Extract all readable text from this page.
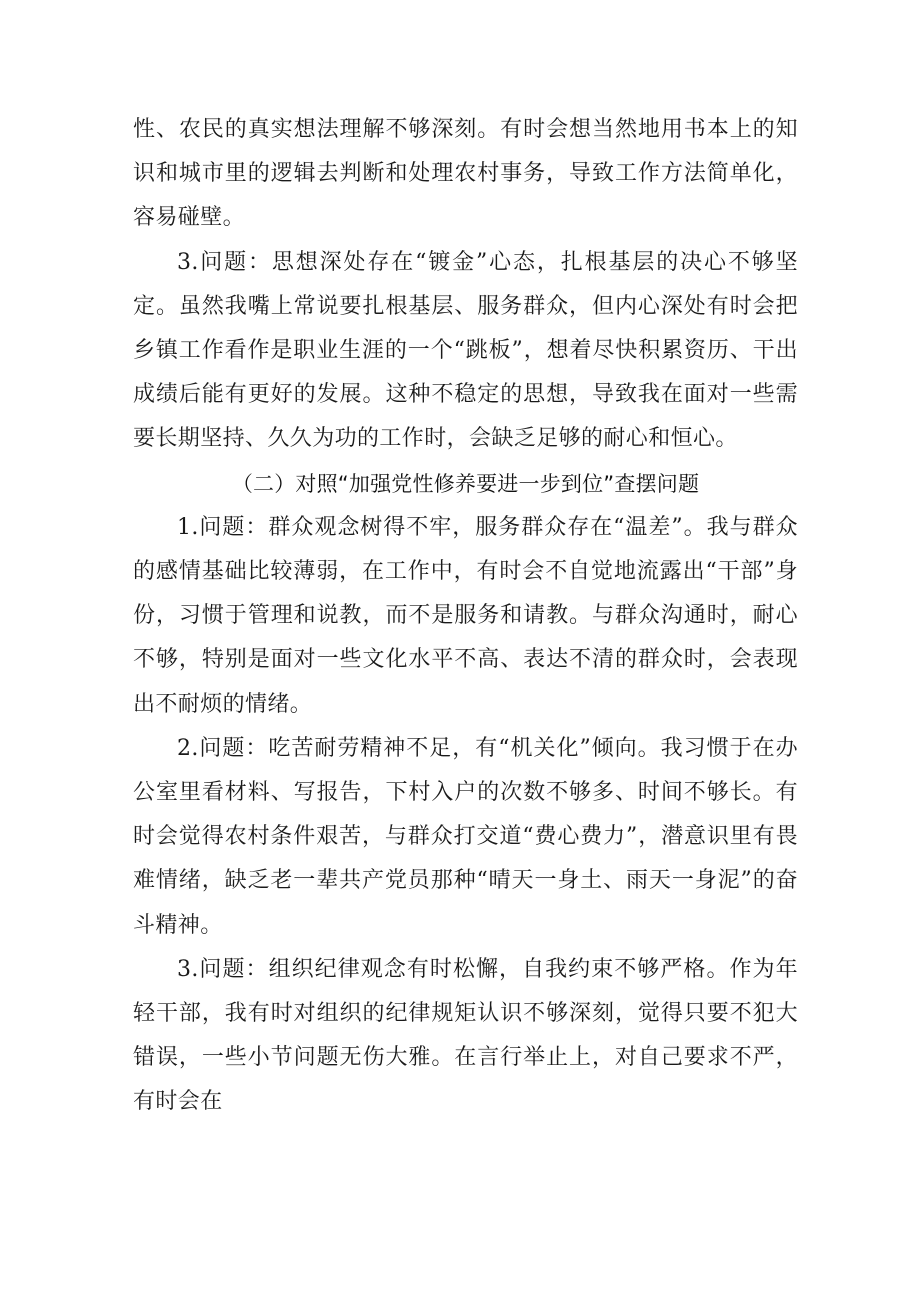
性、农民的真实想法理解不够深刻。有时会想当然地用书本上的知识和城市里的逻辑去判断和处理农村事务，导致工作方法简单化，容易碰壁。

3.问题：思想深处存在“镀金”心态，扎根基层的决心不够坚定。虽然我嘴上常说要扎根基层、服务群众，但内心深处有时会把乡镇工作看作是职业生涯的一个“跳板”，想着尽快积累资历、干出成绩后能有更好的发展。这种不稳定的思想，导致我在面对一些需要长期坚持、久久为功的工作时，会缺乏足够的耐心和恒心。

（二）对照“加强党性修养要进一步到位”查摆问题

1.问题：群众观念树得不牢，服务群众存在“温差”。我与群众的感情基础比较薄弱，在工作中，有时会不自觉地流露出“干部”身份，习惯于管理和说教，而不是服务和请教。与群众沟通时，耐心不够，特别是面对一些文化水平不高、表达不清的群众时，会表现出不耐烦的情绪。

2.问题：吃苦耐劳精神不足，有“机关化”倾向。我习惯于在办公室里看材料、写报告，下村入户的次数不够多、时间不够长。有时会觉得农村条件艰苦，与群众打交道“费心费力”，潜意识里有畏难情绪，缺乏老一辈共产党员那种“晴天一身土、雨天一身泥”的奋斗精神。

3.问题：组织纪律观念有时松懈，自我约束不够严格。作为年轻干部，我有时对组织的纪律规矩认识不够深刻，觉得只要不犯大错误，一些小节问题无伤大雅。在言行举止上，对自己要求不严，有时会在
